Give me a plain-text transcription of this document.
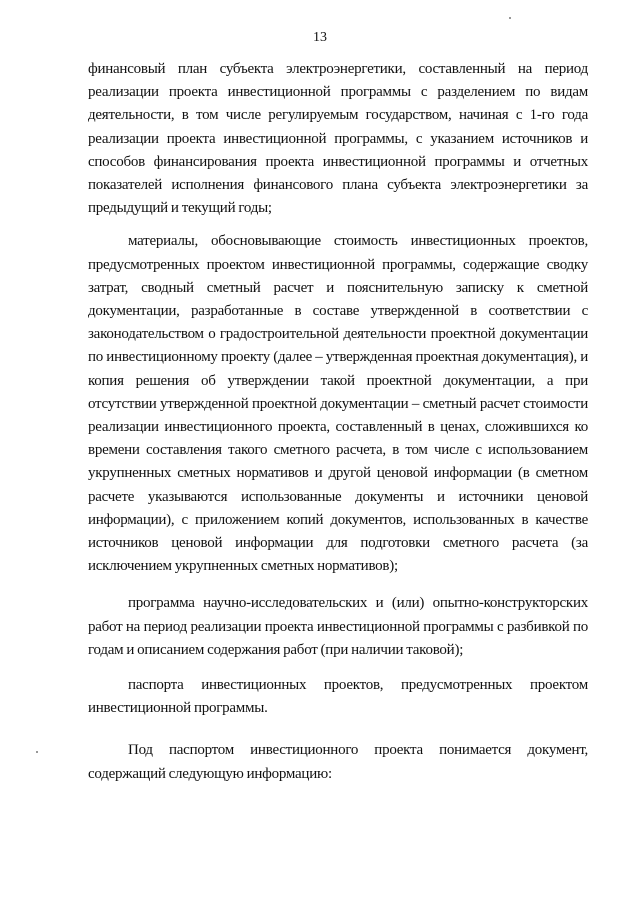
13

финансовый план субъекта электроэнергетики, составленный на период реализации проекта инвестиционной программы с разделением по видам деятельности, в том числе регулируемым государством, начиная с 1-го года реализации проекта инвестиционной программы, с указанием источников и способов финансирования проекта инвестиционной программы и отчетных показателей исполнения финансового плана субъекта электроэнергетики за предыдущий и текущий годы;

материалы, обосновывающие стоимость инвестиционных проектов, предусмотренных проектом инвестиционной программы, содержащие сводку затрат, сводный сметный расчет и пояснительную записку к сметной документации, разработанные в составе утвержденной в соответствии с законодательством о градостроительной деятельности проектной документации по инвестиционному проекту (далее – утвержденная проектная документация), и копия решения об утверждении такой проектной документации, а при отсутствии утвержденной проектной документации – сметный расчет стоимости реализации инвестиционного проекта, составленный в ценах, сложившихся ко времени составления такого сметного расчета, в том числе с использованием укрупненных сметных нормативов и другой ценовой информации (в сметном расчете указываются использованные документы и источники ценовой информации), с приложением копий документов, использованных в качестве источников ценовой информации для подготовки сметного расчета (за исключением укрупненных сметных нормативов);

программа научно-исследовательских и (или) опытно-конструкторских работ на период реализации проекта инвестиционной программы с разбивкой по годам и описанием содержания работ (при наличии таковой);

паспорта инвестиционных проектов, предусмотренных проектом инвестиционной программы.

Под паспортом инвестиционного проекта понимается документ, содержащий следующую информацию:
